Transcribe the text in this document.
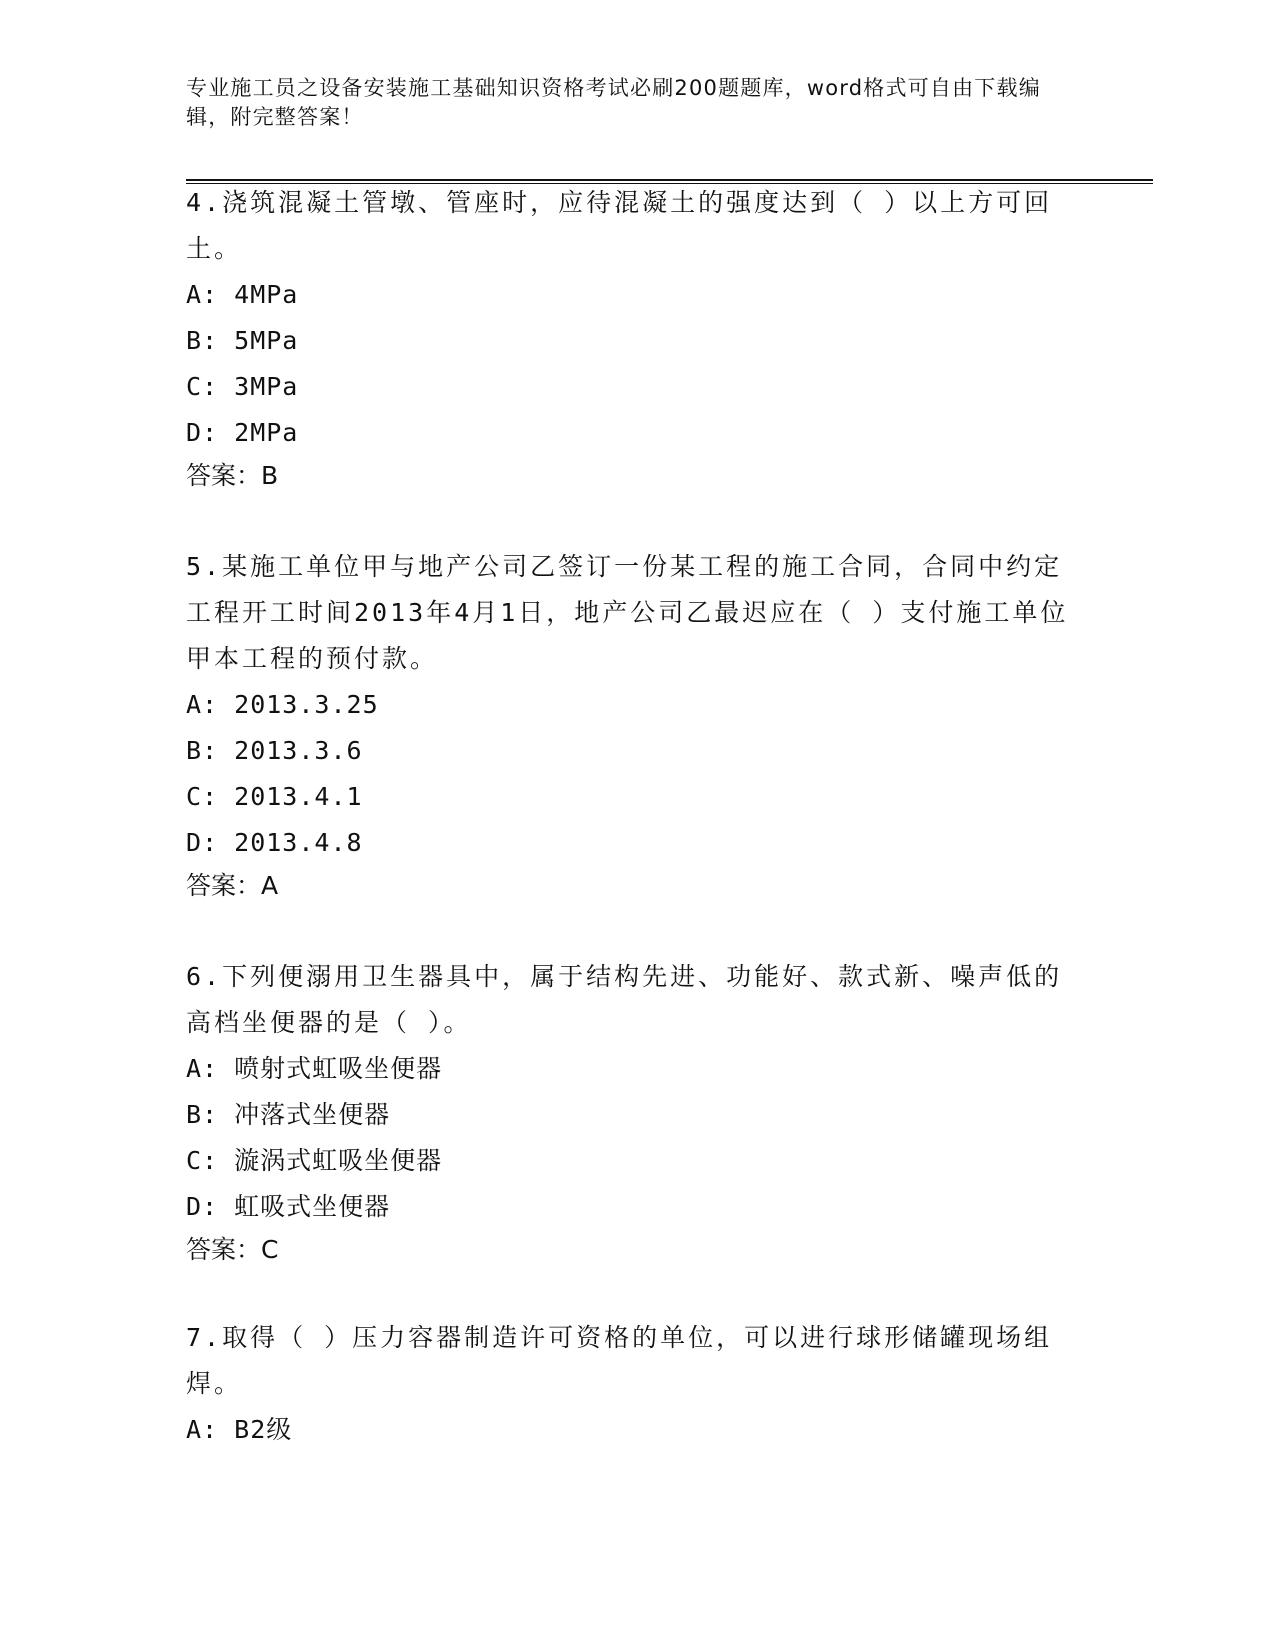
专业施工员之设备安装施工基础知识资格考试必刷200题题库，word格式可自由下载编辑，附完整答案！

4.浇筑混凝土管墩、管座时，应待混凝土的强度达到（ ）以上方可回土。

A: 4MPa

B: 5MPa

C: 3MPa

D: 2MPa

答案：B

5.某施工单位甲与地产公司乙签订一份某工程的施工合同，合同中约定工程开工时间2013年4月1日，地产公司乙最迟应在（ ）支付施工单位甲本工程的预付款。

A: 2013.3.25

B: 2013.3.6

C: 2013.4.1

D: 2013.4.8

答案：A

6.下列便溺用卫生器具中，属于结构先进、功能好、款式新、噪声低的高档坐便器的是（ ）。

A: 喷射式虹吸坐便器

B: 冲落式坐便器

C: 漩涡式虹吸坐便器

D: 虹吸式坐便器

答案：C

7.取得（ ）压力容器制造许可资格的单位，可以进行球形储罐现场组焊。

A: B2级
